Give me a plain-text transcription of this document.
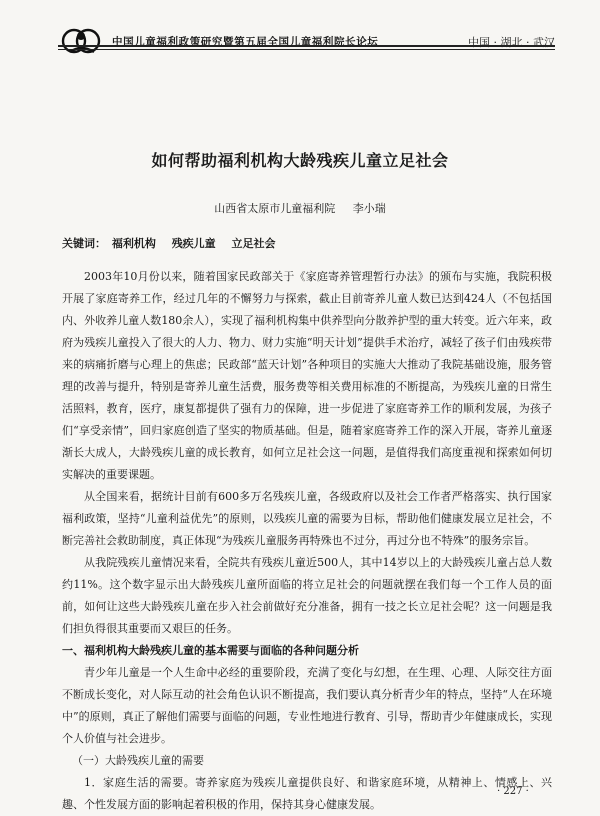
中国儿童福利政策研究暨第五届全国儿童福利院长论坛	中国 · 湖北 · 武汉
如何帮助福利机构大龄残疾儿童立足社会
山西省太原市儿童福利院 李小瑞
关键词： 福利机构 残疾儿童 立足社会

2003年10月份以来，随着国家民政部关于《家庭寄养管理暂行办法》的颁布与实施，我院积极开展了家庭寄养工作，经过几年的不懈努力与探索，截止目前寄养儿童人数已达到424人（不包括国内、外收养儿童人数180余人），实现了福利机构集中供养型向分散养护型的重大转变。近六年来，政府为残疾儿童投入了很大的人力、物力、财力实施“明天计划”提供手术治疗，减轻了孩子们由残疾带来的病痛折磨与心理上的焦虑；民政部“蓝天计划”各种项目的实施大大推动了我院基础设施，服务管理的改善与提升，特别是寄养儿童生活费，服务费等相关费用标准的不断提高，为残疾儿童的日常生活照料，教育，医疗，康复都提供了强有力的保障，进一步促进了家庭寄养工作的顺利发展，为孩子们“享受亲情”，回归家庭创造了坚实的物质基础。但是，随着家庭寄养工作的深入开展，寄养儿童逐渐长大成人，大龄残疾儿童的成长教育，如何立足社会这一问题，是值得我们高度重视和探索如何切实解决的重要课题。

从全国来看，据统计目前有600多万名残疾儿童，各级政府以及社会工作者严格落实、执行国家福利政策，坚持“儿童利益优先”的原则，以残疾儿童的需要为目标，帮助他们健康发展立足社会，不断完善社会救助制度，真正体现“为残疾儿童服务再特殊也不过分，再过分也不特殊”的服务宗旨。

从我院残疾儿童情况来看，全院共有残疾儿童近500人，其中14岁以上的大龄残疾儿童占总人数约11%。这个数字显示出大龄残疾儿童所面临的将立足社会的问题就摆在我们每一个工作人员的面前，如何让这些大龄残疾儿童在步入社会前做好充分准备，拥有一技之长立足社会呢？这一问题是我们担负得很其重要而又艰巨的任务。

一、福利机构大龄残疾儿童的基本需要与面临的各种问题分析

青少年儿童是一个人生命中必经的重要阶段，充满了变化与幻想，在生理、心理、人际交往方面不断成长变化，对人际互动的社会角色认识不断提高，我们要认真分析青少年的特点，坚持“人在环境中”的原则，真正了解他们需要与面临的问题，专业性地进行教育、引导，帮助青少年健康成长，实现个人价值与社会进步。

（一）大龄残疾儿童的需要

1．家庭生活的需要。寄养家庭为残疾儿童提供良好、和谐家庭环境，从精神上、情感上、兴趣、个性发展方面的影响起着积极的作用，保持其身心健康发展。

· 227 ·
